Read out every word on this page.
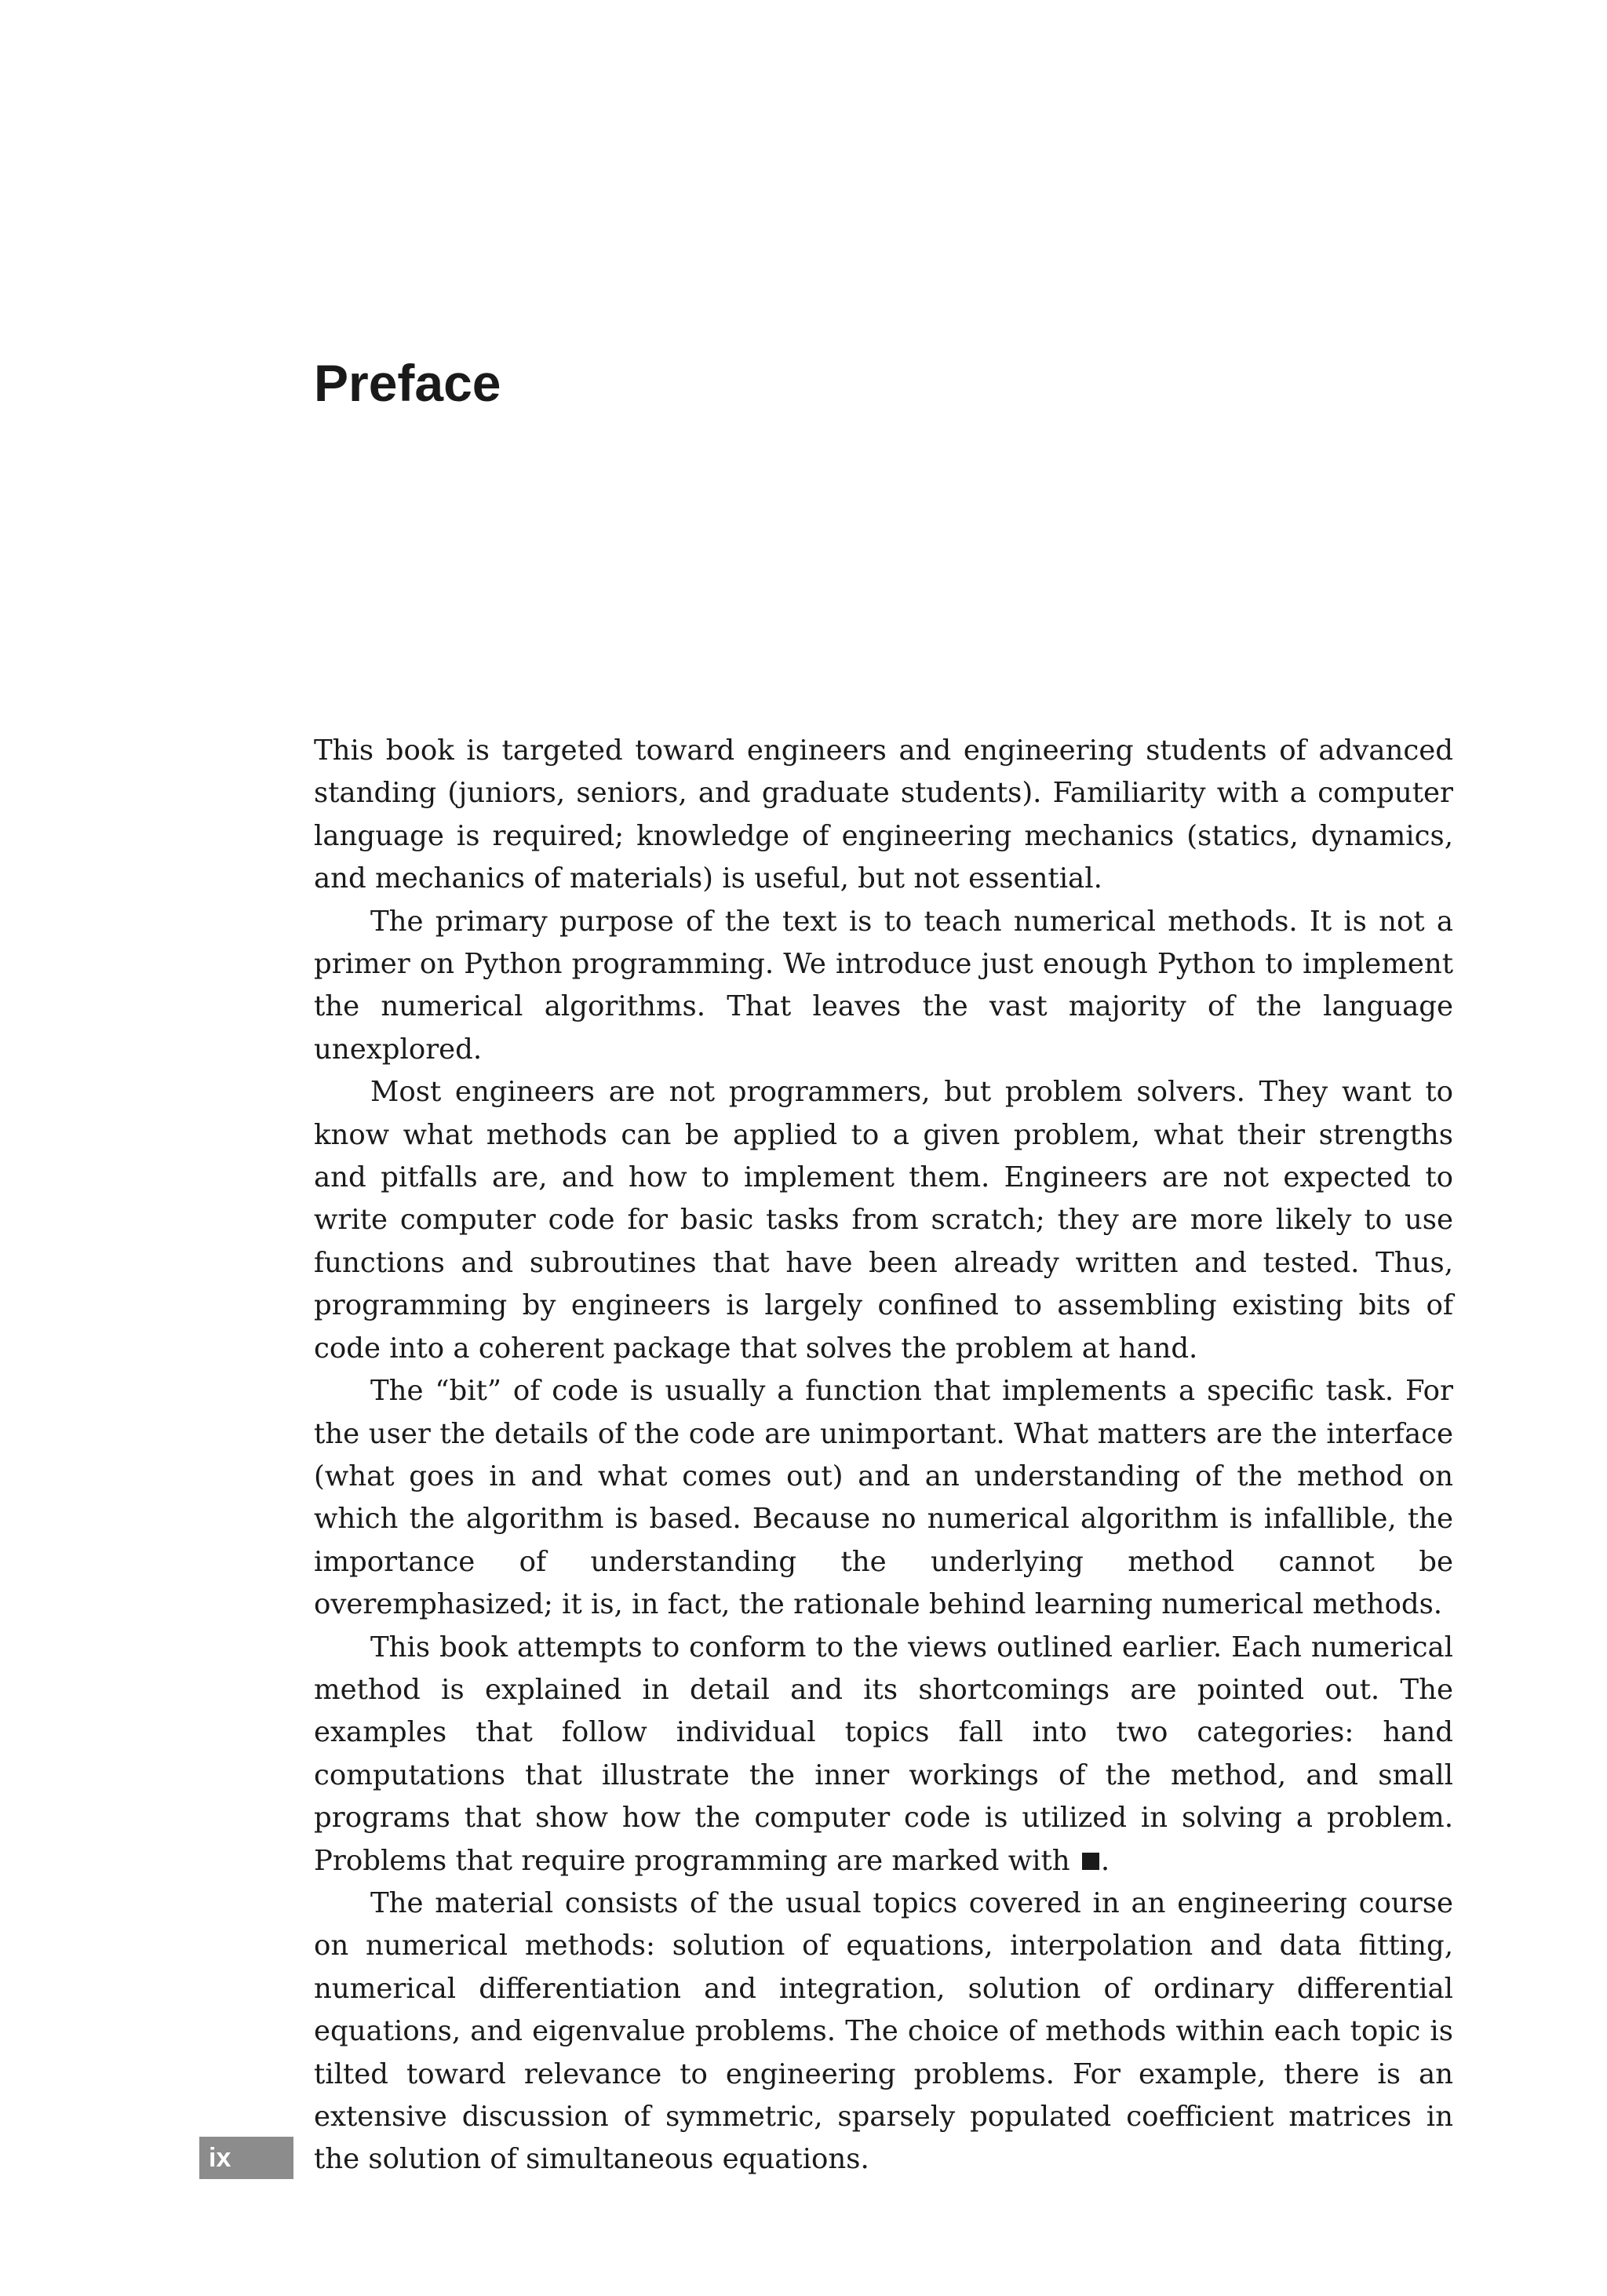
Preface

This book is targeted toward engineers and engineering students of advanced standing (juniors, seniors, and graduate students). Familiarity with a computer language is required; knowledge of engineering mechanics (statics, dynamics, and mechanics of materials) is useful, but not essential.

The primary purpose of the text is to teach numerical methods. It is not a primer on Python programming. We introduce just enough Python to implement the numerical algorithms. That leaves the vast majority of the language unexplored.

Most engineers are not programmers, but problem solvers. They want to know what methods can be applied to a given problem, what their strengths and pitfalls are, and how to implement them. Engineers are not expected to write computer code for basic tasks from scratch; they are more likely to use functions and subroutines that have been already written and tested. Thus, programming by engineers is largely confined to assembling existing bits of code into a coherent package that solves the problem at hand.

The “bit” of code is usually a function that implements a specific task. For the user the details of the code are unimportant. What matters are the interface (what goes in and what comes out) and an understanding of the method on which the algorithm is based. Because no numerical algorithm is infallible, the importance of understanding the underlying method cannot be overemphasized; it is, in fact, the rationale behind learning numerical methods.

This book attempts to conform to the views outlined earlier. Each numerical method is explained in detail and its shortcomings are pointed out. The examples that follow individual topics fall into two categories: hand computations that illustrate the inner workings of the method, and small programs that show how the computer code is utilized in solving a problem. Problems that require programming are marked with .

The material consists of the usual topics covered in an engineering course on numerical methods: solution of equations, interpolation and data fitting, numerical differentiation and integration, solution of ordinary differential equations, and eigenvalue problems. The choice of methods within each topic is tilted toward relevance to engineering problems. For example, there is an extensive discussion of symmetric, sparsely populated coefficient matrices in the solution of simultaneous equations.

ix
